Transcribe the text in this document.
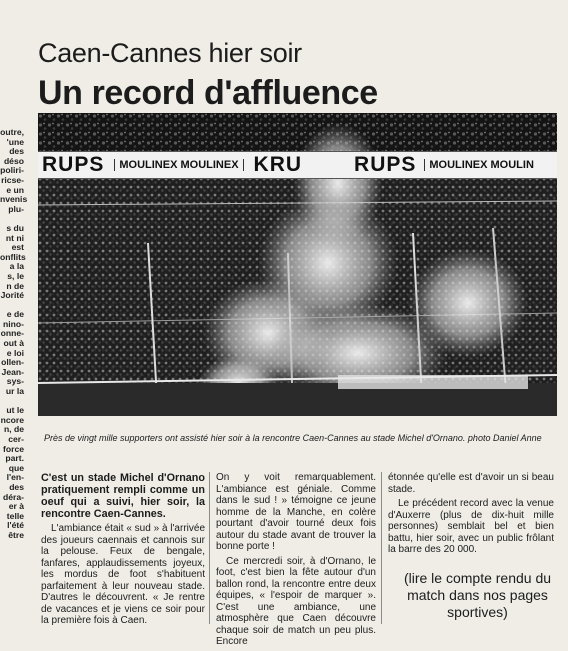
outre,
'une
des
déso
poliri-
ricse-
e un
nvenis
plu-

s du
nt ni
est
onflits
a la
s, le
n de
Jorité

e de
nino-
onne-
out à
e loi
ollen-
Jean-
sys-
ur la

ut le
ncore
n, de
cer-
force
part.
que
l'en-
des
déra-
er à
telle
l'été
être
Caen-Cannes hier soir
Un record d'affluence
RUPS	MOULINEX MOULINEX KRU RUPS	MOULINEX MOULIN
Près de vingt mille supporters ont assisté hier soir à la rencontre Caen-Cannes au stade Michel d'Ornano. photo Daniel Anne

C'est un stade Michel d'Ornano pratiquement rempli comme un oeuf qui a suivi, hier soir, la rencontre Caen-Cannes.

L'ambiance était « sud » à l'arrivée des joueurs caennais et cannois sur la pelouse. Feux de bengale, fanfares, applaudissements joyeux, les mordus de foot s'habituent parfaitement à leur nouveau stade. D'autres le découvrent. « Je rentre de vacances et je viens ce soir pour la première fois à Caen.

On y voit remarquablement. L'ambiance est géniale. Comme dans le sud ! » témoigne ce jeune homme de la Manche, en colère pourtant d'avoir tourné deux fois autour du stade avant de trouver la bonne porte !

Ce mercredi soir, à d'Ornano, le foot, c'est bien la fête autour d'un ballon rond, la rencontre entre deux équipes, « l'espoir de marquer ». C'est une ambiance, une atmosphère que Caen découvre chaque soir de match un peu plus. Encore

étonnée qu'elle est d'avoir un si beau stade.

Le précédent record avec la venue d'Auxerre (plus de dix-huit mille personnes) semblait bel et bien battu, hier soir, avec un public frôlant la barre des 20 000.

(lire le compte rendu du match dans nos pages sportives)
